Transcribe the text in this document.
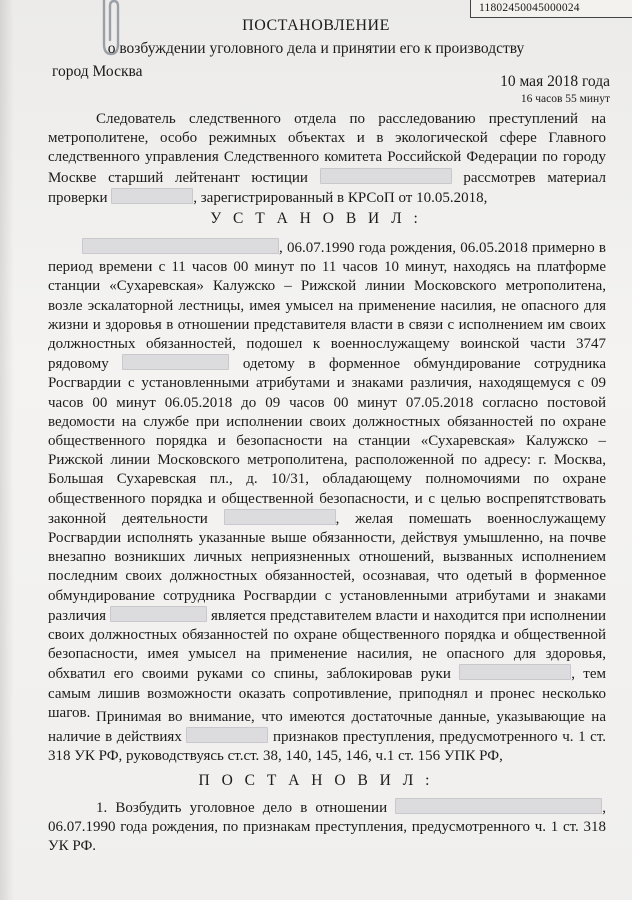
11802450045000024
ПОСТАНОВЛЕНИЕ
о возбуждении уголовного дела и принятии его к производству
город Москва
10 мая 2018 года
16 часов 55 минут
Следователь следственного отдела по расследованию преступлений на метрополитене, особо режимных объектах и в экологической сфере Главного следственного управления Следственного комитета Российской Федерации по городу Москве старший лейтенант юстиции	рассмотрев материал проверки	, зарегистрированный в КРСоП от 10.05.2018,
У С Т А Н О В И Л :
, 06.07.1990 года рождения, 06.05.2018 примерно в период времени с 11 часов 00 минут по 11 часов 10 минут, находясь на платформе станции «Сухаревская» Калужско – Рижской линии Московского метрополитена, возле эскалаторной лестницы, имея умысел на применение насилия, не опасного для жизни и здоровья в отношении представителя власти в связи с исполнением им своих должностных обязанностей, подошел к военнослужащему воинской части 3747 рядовому	одетому в форменное обмундирование сотрудника Росгвардии с установленными атрибутами и знаками различия, находящемуся с 09 часов 00 минут 06.05.2018 до 09 часов 00 минут 07.05.2018 согласно постовой ведомости на службе при исполнении своих должностных обязанностей по охране общественного порядка и безопасности на станции «Сухаревская» Калужско – Рижской линии Московского метрополитена, расположенной по адресу: г. Москва, Большая Сухаревская пл., д. 10/31, обладающему полномочиями по охране общественного порядка и общественной безопасности, и с целью воспрепятствовать законной деятельности	, желая помешать военнослужащему Росгвардии исполнять указанные выше обязанности, действуя умышленно, на почве внезапно возникших личных неприязненных отношений, вызванных исполнением последним своих должностных обязанностей, осознавая, что одетый в форменное обмундирование сотрудника Росгвардии с установленными атрибутами и знаками различия	является представителем власти и находится при исполнении своих должностных обязанностей по охране общественного порядка и общественной безопасности, имея умысел на применение насилия, не опасного для здоровья, обхватил его своими руками со спины, заблокировав руки	, тем самым лишив возможности оказать сопротивление, приподнял и пронес несколько шагов. Принимая во внимание, что имеются достаточные данные, указывающие на наличие в действиях	признаков преступления, предусмотренного ч. 1 ст. 318 УК РФ, руководствуясь ст.ст. 38, 140, 145, 146, ч.1 ст. 156 УПК РФ,
П О С Т А Н О В И Л :
1. Возбудить уголовное дело в отношении	, 06.07.1990 года рождения, по признакам преступления, предусмотренного ч. 1 ст. 318 УК РФ.
